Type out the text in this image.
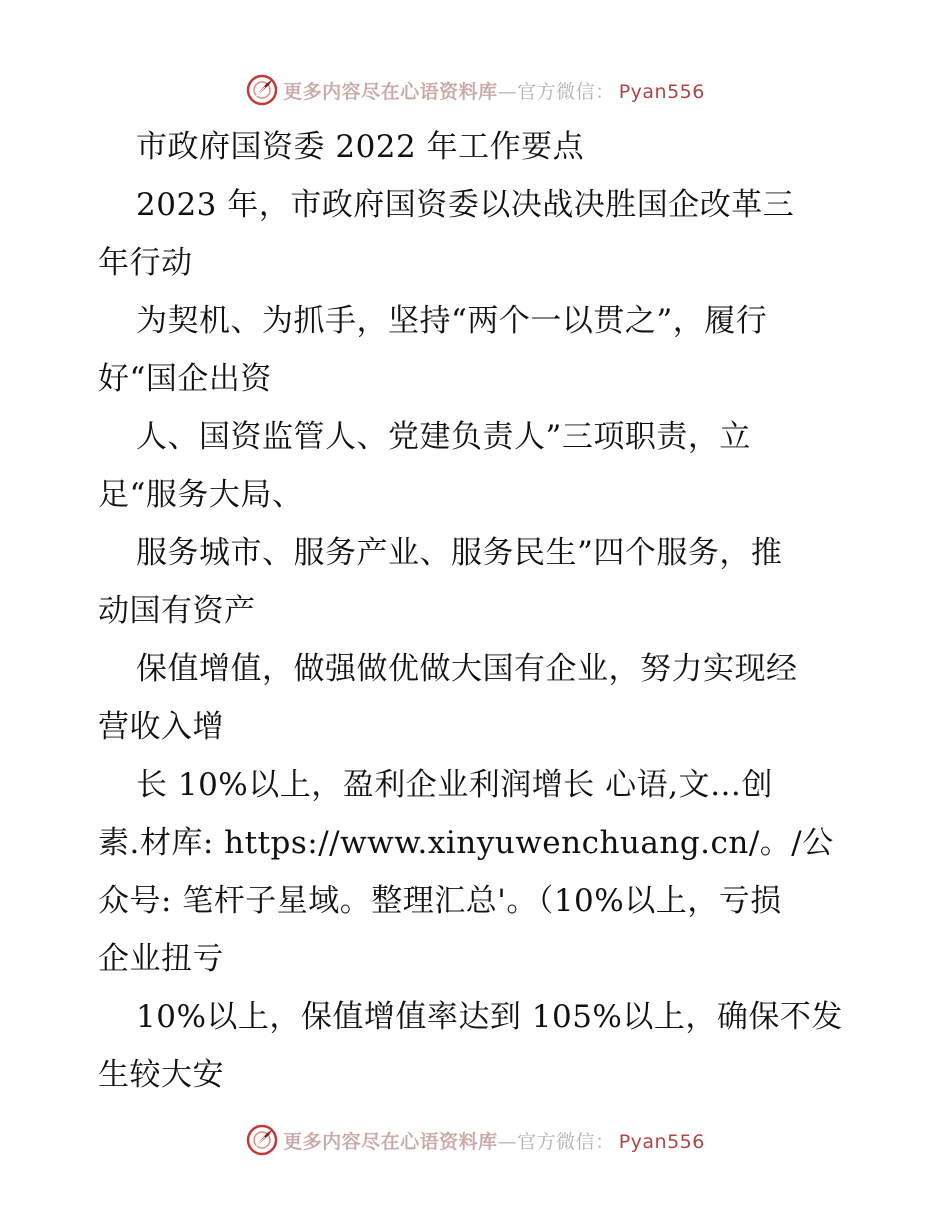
更多内容尽在心语资料库—官方微信： Pyan556
市政府国资委 2022 年工作要点
2023 年，市政府国资委以决战决胜国企改革三
年行动
为契机、为抓手，坚持“两个一以贯之”，履行
好“国企出资
人、国资监管人、党建负责人”三项职责，立
足“服务大局、
服务城市、服务产业、服务民生”四个服务，推
动国有资产
保值增值，做强做优做大国有企业，努力实现经
营收入增
长 10%以上，盈利企业利润增长 心语,文…创
素.材库: https://www.xinyuwenchuang.cn/。/公
众号: 笔杆子星域。整理汇总'。（10%以上，亏损
企业扭亏
10%以上，保值增值率达到 105%以上，确保不发
生较大安
更多内容尽在心语资料库—官方微信： Pyan556
